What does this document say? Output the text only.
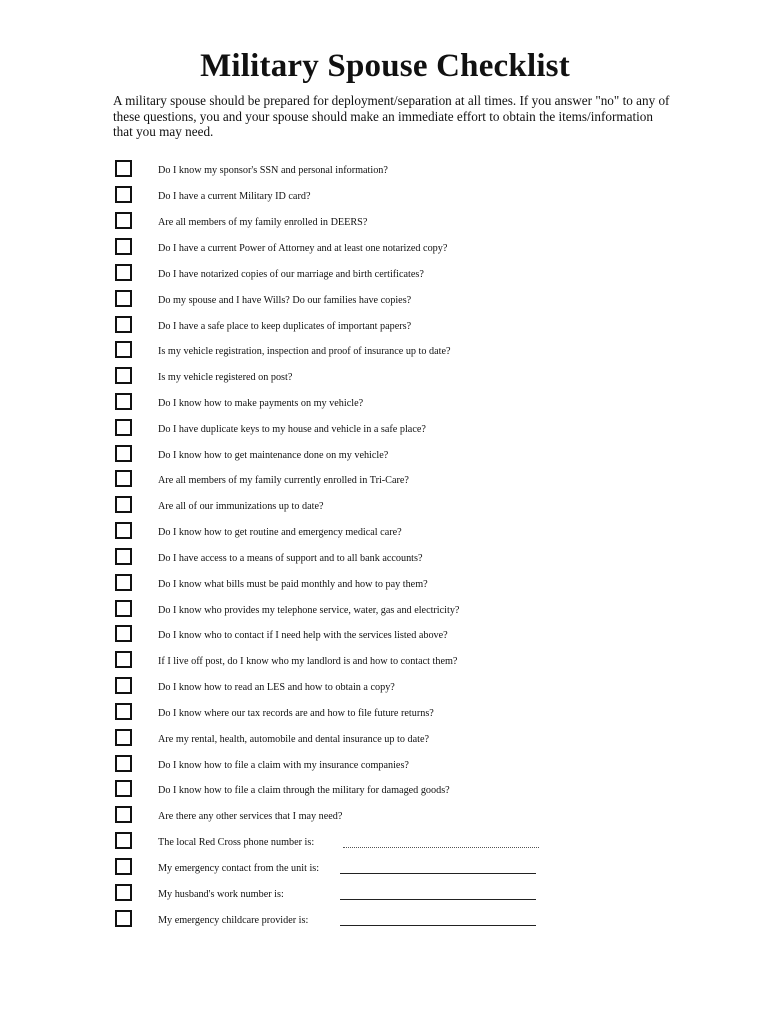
Military Spouse Checklist
A military spouse should be prepared for deployment/separation at all times. If you answer "no" to any of these questions, you and your spouse should make an immediate effort to obtain the items/information that you may need.
Do I know my sponsor's SSN and personal information?
Do I have a current Military ID card?
Are all members of my family enrolled in DEERS?
Do I have a current Power of Attorney and at least one notarized copy?
Do I have notarized copies of our marriage and birth certificates?
Do my spouse and I have Wills? Do our families have copies?
Do I have a safe place to keep duplicates of important papers?
Is my vehicle registration, inspection and proof of insurance up to date?
Is my vehicle registered on post?
Do I know how to make payments on my vehicle?
Do I have duplicate keys to my house and vehicle in a safe place?
Do I know how to get maintenance done on my vehicle?
Are all members of my family currently enrolled in Tri-Care?
Are all of our immunizations up to date?
Do I know how to get routine and emergency medical care?
Do I have access to a means of support and to all bank accounts?
Do I know what bills must be paid monthly and how to pay them?
Do I know who provides my telephone service, water, gas and electricity?
Do I know who to contact if I need help with the services listed above?
If I live off post, do I know who my landlord is and how to contact them?
Do I know how to read an LES and how to obtain a copy?
Do I know where our tax records are and how to file future returns?
Are my rental, health, automobile and dental insurance up to date?
Do I know how to file a claim with my insurance companies?
Do I know how to file a claim through the military for damaged goods?
Are there any other services that I may need?
The local Red Cross phone number is:
My emergency contact from the unit is:
My husband's work number is:
My emergency childcare provider is:
